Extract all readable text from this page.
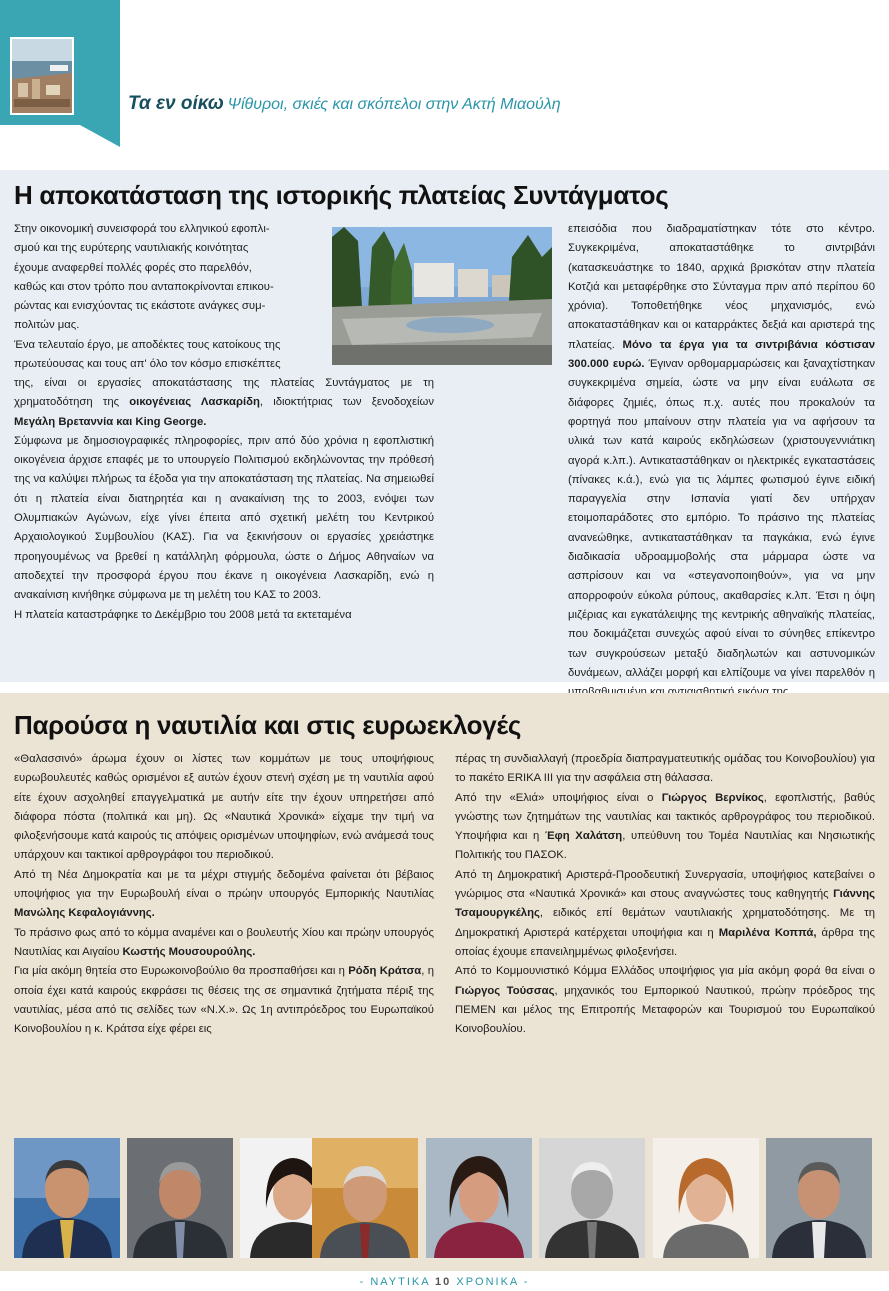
Τα εν οίκω Ψίθυροι, σκιές και σκόπελοι στην Ακτή Μιαούλη
Η αποκατάσταση της ιστορικής πλατείας Συντάγματος

Στην οικονομική συνεισφορά του ελληνικού εφοπλι-

σμού και της ευρύτερης ναυτιλιακής κοινότητας

έχουμε αναφερθεί πολλές φορές στο παρελθόν,

καθώς και στον τρόπο που ανταποκρίνονται επικου-

ρώντας και ενισχύοντας τις εκάστοτε ανάγκες συμ-

πολιτών μας.

Ένα τελευταίο έργο, με αποδέκτες τους κατοίκους της

πρωτεύουσας και τους απ' όλο τον κόσμο επισκέπτες

της, είναι οι εργασίες αποκατάστασης της πλατείας Συντάγματος με τη χρηματοδότηση της οικογένειας Λασκαρίδη, ιδιοκτήτριας των ξενοδοχείων Μεγάλη Βρεταννία και King George.

Σύμφωνα με δημοσιογραφικές πληροφορίες, πριν από δύο χρόνια η εφοπλιστική οικογένεια άρχισε επαφές με το υπουργείο Πολιτισμού εκδηλώνοντας την πρόθεσή της να καλύψει πλήρως τα έξοδα για την αποκατάσταση της πλατείας. Να σημειωθεί ότι η πλατεία είναι διατηρητέα και η ανακαίνιση της το 2003, ενόψει των Ολυμπιακών Αγώνων, είχε γίνει έπειτα από σχετική μελέτη του Κεντρικού Αρχαιολογικού Συμβουλίου (ΚΑΣ). Για να ξεκινήσουν οι εργασίες χρειάστηκε προηγουμένως να βρεθεί η κατάλληλη φόρμουλα, ώστε ο Δήμος Αθηναίων να αποδεχτεί την προσφορά έργου που έκανε η οικογένεια Λασκαρίδη, ενώ η ανακαίνιση κινήθηκε σύμφωνα με τη μελέτη του ΚΑΣ το 2003.

Η πλατεία καταστράφηκε το Δεκέμβριο του 2008 μετά τα εκτεταμένα

επεισόδια που διαδραματίστηκαν τότε στο κέντρο. Συγκεκριμένα, αποκαταστάθηκε το σιντριβάνι (κατασκευάστηκε το 1840, αρχικά βρισκόταν στην πλατεία Κοτζιά και μεταφέρθηκε στο Σύνταγμα πριν από περίπου 60 χρόνια). Τοποθετήθηκε νέος μηχανισμός, ενώ αποκαταστάθηκαν και οι καταρράκτες δεξιά και αριστερά της πλατείας. Μόνο τα έργα για τα σιντριβάνια κόστισαν 300.000 ευρώ. Έγιναν ορθομαρμαρώσεις και ξαναχτίστηκαν συγκεκριμένα σημεία, ώστε να μην είναι ευάλωτα σε διάφορες ζημιές, όπως π.χ. αυτές που προκαλούν τα φορτηγά που μπαίνουν στην πλατεία για να αφήσουν τα υλικά των κατά καιρούς εκδηλώσεων (χριστουγεννιάτικη αγορά κ.λπ.). Αντικαταστάθηκαν οι ηλεκτρικές εγκαταστάσεις (πίνακες κ.ά.), ενώ για τις λάμπες φωτισμού έγινε ειδική παραγγελία στην Ισπανία γιατί δεν υπήρχαν ετοιμοπαράδοτες στο εμπόριο. Το πράσινο της πλατείας ανανεώθηκε, αντικαταστάθηκαν τα παγκάκια, ενώ έγινε διαδικασία υδροαμμοβολής στα μάρμαρα ώστε να ασπρίσουν και να «στεγανοποιηθούν», για να μην απορροφούν εύκολα ρύπους, ακαθαρσίες κ.λπ. Έτσι η όψη μιζέριας και εγκατάλειψης της κεντρικής αθηναϊκής πλατείας, που δοκιμάζεται συνεχώς αφού είναι το σύνηθες επίκεντρο των συγκρούσεων μεταξύ διαδηλωτών και αστυνομικών δυνάμεων, αλλάζει μορφή και ελπίζουμε να γίνει παρελθόν η

Παρούσα η ναυτιλία και στις ευρωεκλογές

«Θαλασσινό» άρωμα έχουν οι λίστες των κομμάτων με τους υποψήφιους ευρωβουλευτές καθώς ορισμένοι εξ αυτών έχουν στενή σχέση με τη ναυτιλία αφού είτε έχουν ασχοληθεί επαγγελματικά με αυτήν είτε την έχουν υπηρετήσει από διάφορα πόστα (πολιτικά και μη). Ως «Ναυτικά Χρονικά» είχαμε την τιμή να φιλοξενήσουμε κατά καιρούς τις απόψεις ορισμένων υποψηφίων, ενώ ανάμεσά τους υπάρχουν και τακτικοί αρθρογράφοι του περιοδικού.

Από τη Νέα Δημοκρατία και με τα μέχρι στιγμής δεδομένα φαίνεται ότι βέβαιος υποψήφιος για την Ευρωβουλή είναι ο πρώην υπουργός Εμπορικής Ναυτιλίας Μανώλης Κεφαλογιάννης.

Το πράσινο φως από το κόμμα αναμένει και ο βουλευτής Χίου και πρώην υπουργός Ναυτιλίας και Αιγαίου Κωστής Μουσουρούλης.

Για μία ακόμη θητεία στο Ευρωκοινοβούλιο θα προσπαθήσει και η Ρόδη Κράτσα, η οποία έχει κατά καιρούς εκφράσει τις θέσεις της σε σημαντικά ζητήματα πέριξ της ναυτιλίας, μέσα από τις σελίδες των «Ν.Χ.». Ως 1η αντιπρόεδρος του Ευρωπαϊκού Κοινοβουλίου η κ. Κράτσα είχε φέρει εις

πέρας τη συνδιαλλαγή (προεδρία διαπραγματευτικής ομάδας του Κοινοβουλίου) για το πακέτο ERIKA III για την ασφάλεια στη θάλασσα.

Από την «Ελιά» υποψήφιος είναι ο Γιώργος Βερνίκος, εφοπλιστής, βαθύς γνώστης των ζητημάτων της ναυτιλίας και τακτικός αρθρογράφος του περιοδικού. Υποψήφια και η Έφη Χαλάτση, υπεύθυνη του Τομέα Ναυτιλίας και Νησιωτικής Πολιτικής του ΠΑΣΟΚ.

Από τη Δημοκρατική Αριστερά-Προοδευτική Συνεργασία, υποψήφιος κατεβαίνει ο γνώριμος στα «Ναυτικά Χρονικά» και στους αναγνώστες τους καθηγητής Γιάννης Τσαμουργκέλης, ειδικός επί θεμάτων ναυτιλιακής χρηματοδότησης. Με τη Δημοκρατική Αριστερά κατέρχεται υποψήφια και η Μαριλένα Κοππά, άρθρα της οποίας έχουμε επανειλημμένως φιλοξενήσει.

Από το Κομμουνιστικό Κόμμα Ελλάδος υποψήφιος για μία ακόμη φορά θα είναι ο Γιώργος Τούσσας, μηχανικός του Εμπορικού Ναυτικού, πρώην πρόεδρος της ΠΕΜΕΝ και μέλος της Επιτροπής Μεταφορών και Τουρισμού του Ευρωπαϊκού Κοινοβουλίου.

- ΝΑΥΤΙΚΑ 10 ΧΡΟΝΙΚΑ -
